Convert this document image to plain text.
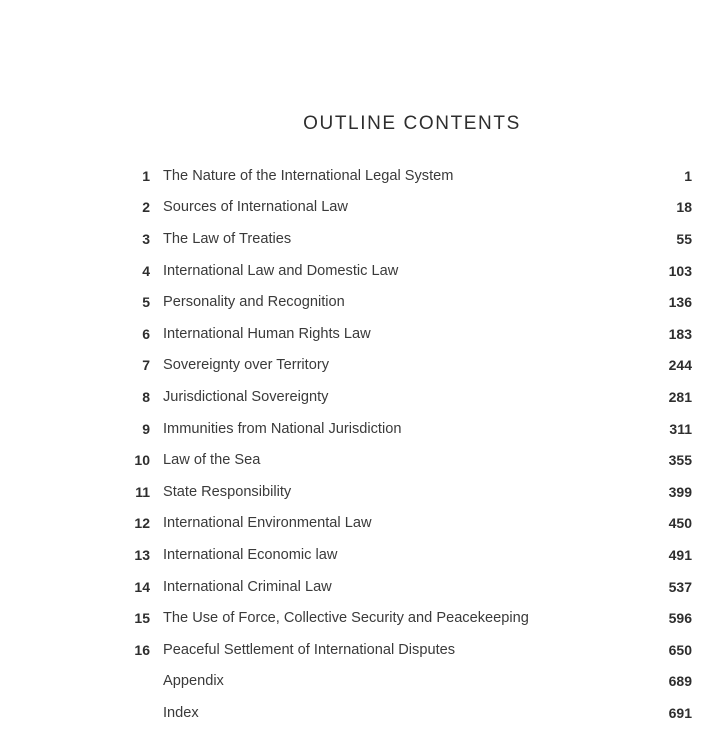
OUTLINE CONTENTS
1 The Nature of the International Legal System	1
2 Sources of International Law	18
3 The Law of Treaties	55
4 International Law and Domestic Law	103
5 Personality and Recognition	136
6 International Human Rights Law	183
7 Sovereignty over Territory	244
8 Jurisdictional Sovereignty	281
9 Immunities from National Jurisdiction	311
10 Law of the Sea	355
11 State Responsibility	399
12 International Environmental Law	450
13 International Economic law	491
14 International Criminal Law	537
15 The Use of Force, Collective Security and Peacekeeping	596
16 Peaceful Settlement of International Disputes	650
Appendix	689
Index	691
